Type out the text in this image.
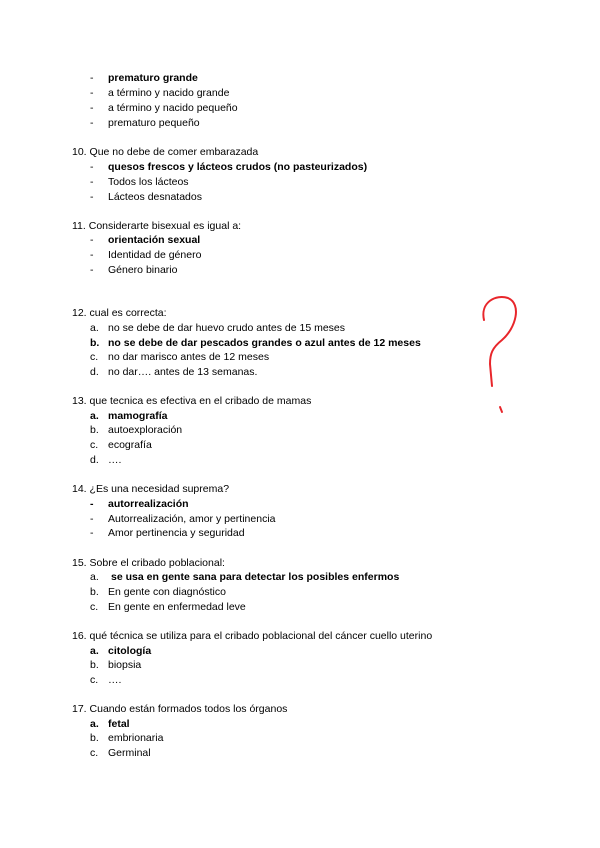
- prematuro grande
- a término y nacido grande
- a término y nacido pequeño
- prematuro pequeño
10. Que no debe de comer embarazada
- quesos frescos y lácteos crudos (no pasteurizados)
- Todos los lácteos
- Lácteos desnatados
11. Considerarte bisexual es igual a:
- orientación sexual
- Identidad de género
- Género binario
12. cual es correcta:
a. no se debe de dar huevo crudo antes de 15 meses
b. no se debe de dar pescados grandes o azul antes de 12 meses
c. no dar marisco antes de 12 meses
d. no dar…. antes de 13 semanas.
13. que tecnica es efectiva en el cribado de mamas
a. mamografía
b. autoexploración
c. ecografía
d. ….
14. ¿Es una necesidad suprema?
- autorrealización
- Autorrealización, amor y pertinencia
- Amor pertinencia y seguridad
15. Sobre el cribado poblacional:
a. se usa en gente sana para detectar los posibles enfermos
b. En gente con diagnóstico
c. En gente en enfermedad leve
16. qué técnica se utiliza para el cribado poblacional del cáncer cuello uterino
a. citología
b. biopsia
c. ….
17. Cuando están formados todos los órganos
a. fetal
b. embrionaria
c. Germinal
